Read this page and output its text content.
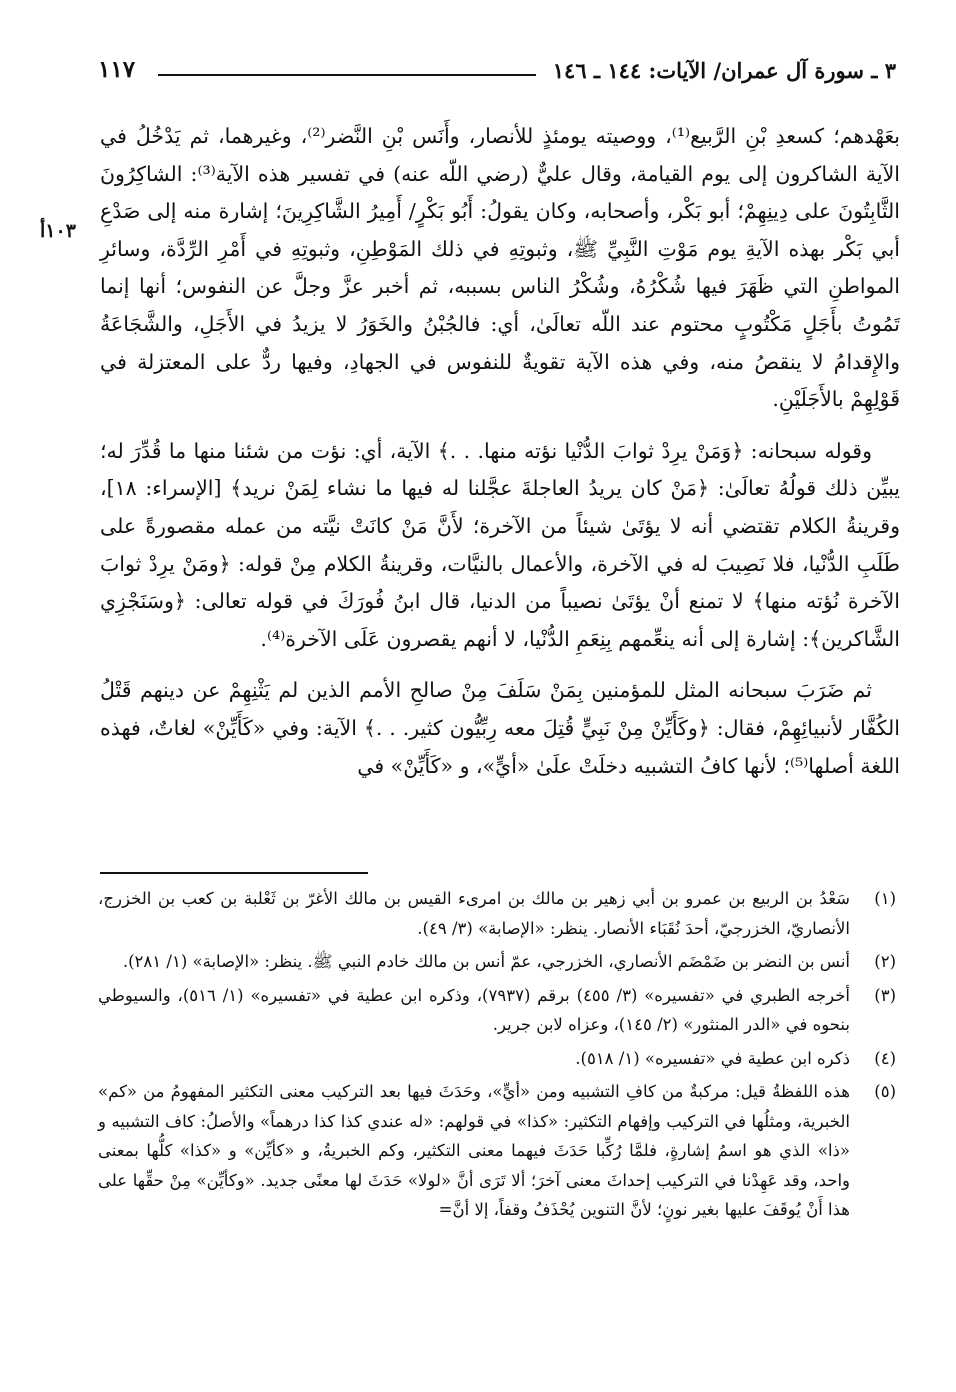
٣ ـ سورة آل عمران/ الآيات: ١٤٤ ـ ١٤٦
١١٧
١٠٣أ

بعَهْدهم؛ كسعدِ بْنِ الرَّبيع⁽¹⁾، ووصيته يومئذٍ للأنصار، وأَنَس بْنِ النَّضر⁽²⁾، وغيرهما، ثم يَدْخُلُ في الآية الشاكرون إلى يوم القيامة، وقال عليٌّ (رضي اللّه عنه) في تفسير هذه الآية⁽³⁾: الشاكِرُونَ الثَّابِتُونَ على دِينِهِمْ؛ أبو بَكْر، وأصحابه، وكان يقولُ: أَبُو بَكْرٍ/ أَمِيرُ الشَّاكِرِينَ؛ إشارة منه إلى صَدْعِ أبي بَكْر بهذه الآيةِ يوم مَوْتِ النَّبِيِّ ﷺ، وثبوتِهِ في ذلك المَوْطِنِ، وثبوتِهِ في أَمْرِ الرِّدَّة، وسائرِ المواطنِ التي ظَهَرَ فيها شُكْرُهُ، وشُكْرُ الناس بسببه، ثم أخبر عزَّ وجلَّ عن النفوس؛ أنها إنما تَمُوتُ بأَجَلٍ مَكْتُوبٍ محتوم عند اللّه تعالَىٰ، أي: فالجُبْنُ والخَوَرُ لا يزيدُ في الأَجَلِ، والشَّجَاعَةُ والإِقدامُ لا ينقصُ منه، وفي هذه الآية تقويةٌ للنفوس في الجهادِ، وفيها ردٌّ على المعتزلة في قَوْلِهِمْ بالأَجَلَيْنِ.

وقوله سبحانه: ﴿وَمَنْ يرِدْ ثوابَ الدُّنْيا نؤته منها. . .﴾ الآية، أي: نؤت من شئنا منها ما قُدِّرَ له؛ يبيِّن ذلك قولُهُ تعالَىٰ: ﴿مَنْ كان يريدُ العاجلةَ عجَّلنا له فيها ما نشاء لِمَنْ نريد﴾ [الإسراء: ١٨]، وقرينةُ الكلام تقتضي أنه لا يؤتَىٰ شيئاً من الآخرة؛ لأَنَّ مَنْ كانَتْ نيَّته من عمله مقصورةً على طَلَبِ الدُّنْيا، فلا نَصِيبَ له في الآخرة، والأعمال بالنيَّات، وقرينةُ الكلام مِنْ قوله: ﴿ومَنْ يرِدْ ثوابَ الآخرة نُؤته منها﴾ لا تمنع أنْ يؤتَىٰ نصيباً من الدنيا، قال ابنُ فُورَكَ في قوله تعالى: ﴿وسَنَجْزِي الشَّاكرين﴾: إشارة إلى أنه ينعِّمهم بِنِعَمِ الدُّنْيا، لا أنهم يقصرون عَلَى الآخرة⁽⁴⁾.

ثم ضَرَبَ سبحانه المثل للمؤمنين بِمَنْ سَلَفَ مِنْ صالحِ الأمم الذين لم يَثْنِهِمْ عن دينهم قَتْلُ الكُفَّار لأنبيائِهِمْ، فقال: ﴿وكَأَيِّنْ مِنْ نَبِيٍّ قُتِلَ معه رِبِّيُّون كثير. . .﴾ الآية: وفي «كَأَيِّنْ» لغاتٌ، فهذه اللغة أصلها⁽⁵⁾؛ لأنها كافُ التشبيه دخلَتْ علَىٰ «أيٍّ»، و «كَأَيِّنْ» في

(١)
سَعْدُ بن الربيع بن عمرو بن أبي زهير بن مالك بن امرىء القيس بن مالك الأغرّ بن ثَعْلبة بن كعب بن الخزرج، الأنصاريّ، الخزرجيّ، أحدَ نُقَبَاء الأنصار. ينظر: «الإصابة» (٣/ ٤٩).
(٢)
أنس بن النضر بن ضَمْضَم الأنصاري، الخزرجي، عمّ أنس بن مالك خادم النبي ﷺ. ينظر: «الإصابة» (١/ ٢٨١).
(٣)
أخرجه الطبري في «تفسيره» (٣/ ٤٥٥) برقم (٧٩٣٧)، وذكره ابن عطية في «تفسيره» (١/ ٥١٦)، والسيوطي بنحوه في «الدر المنثور» (٢/ ١٤٥)، وعزاه لابن جرير.
(٤)
ذكره ابن عطية في «تفسيره» (١/ ٥١٨).
(٥)
هذه اللفظةُ قيل: مركبةٌ من كافِ التشبيه ومن «أيٍّ»، وحَدَثَ فيها بعد التركيب معنى التكثير المفهومُ من «كم» الخبرية، ومثلُها في التركيب وإفهام التكثير: «كذا» في قولهم: «له عندي كذا كذا درهماً» والأصلُ: كاف التشبيه و «ذا» الذي هو اسمُ إشارةٍ، فلمَّا رُكِّبا حَدَثَ فيهما معنى التكثير، وكم الخبريةُ، و «كأيِّن» و «كذا» كلُّها بمعنى واحد، وقد عَهِدْنا في التركيب إحداثَ معنى آخرَ؛ ألا تَرَى أنَّ «لولا» حَدَثَ لها معنًى جديد. «وكأيِّن» مِنْ حقِّها على هذا أَنْ يُوقَفَ عليها بغير نونٍ؛ لأنَّ التنوين يُحْذَفُ وقفاً، إلا أنَّ=
